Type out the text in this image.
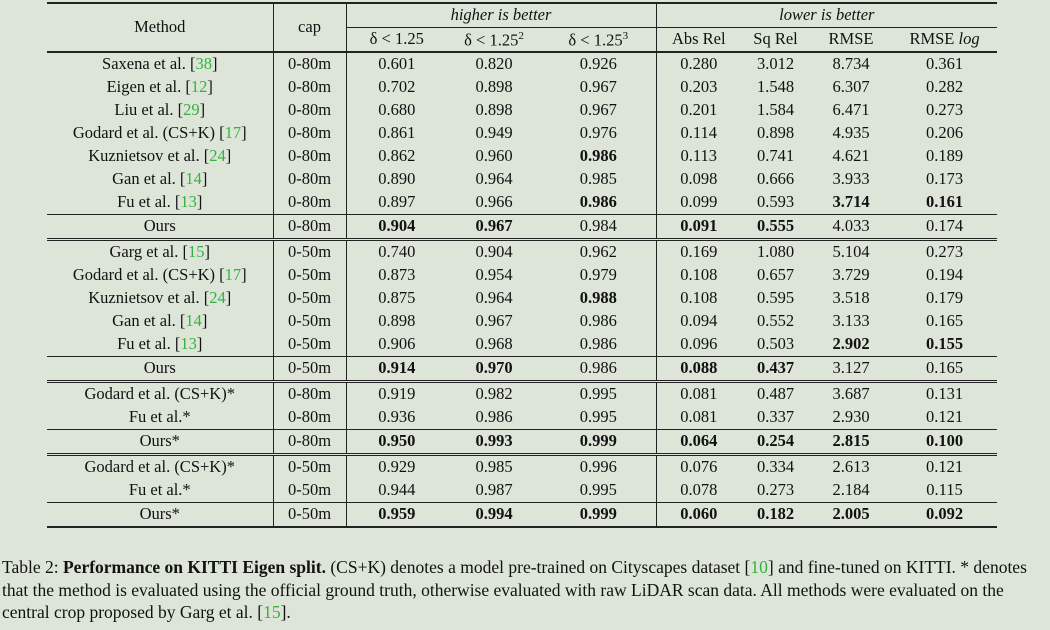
Method	cap	higher is better			lower is better			
		δ < 1.25	$\delta < 1.25^2$	$\delta < 1.25^3$	Abs Rel	Sq Rel	RMSE	RMSE log
Saxena et al. [38]	0-80m	0.601	0.820	0.926	0.280	3.012	8.734	0.361
Eigen et al. [12]	0-80m	0.702	0.898	0.967	0.203	1.548	6.307	0.282
Liu et al. [29]	0-80m	0.680	0.898	0.967	0.201	1.584	6.471	0.273
Godard et al. (CS+K) [17]	0-80m	0.861	0.949	0.976	0.114	0.898	4.935	0.206
Kuznietsov et al. [24]	0-80m	0.862	0.960	0.986	0.113	0.741	4.621	0.189
Gan et al. [14]	0-80m	0.890	0.964	0.985	0.098	0.666	3.933	0.173
Fu et al. [13]	0-80m	0.897	0.966	0.986	0.099	0.593	3.714	0.161
Ours	0-80m	0.904	0.967	0.984	0.091	0.555	4.033	0.174
Garg et al. [15]	0-50m	0.740	0.904	0.962	0.169	1.080	5.104	0.273
Godard et al. (CS+K) [17]	0-50m	0.873	0.954	0.979	0.108	0.657	3.729	0.194
Kuznietsov et al. [24]	0-50m	0.875	0.964	0.988	0.108	0.595	3.518	0.179
Gan et al. [14]	0-50m	0.898	0.967	0.986	0.094	0.552	3.133	0.165
Fu et al. [13]	0-50m	0.906	0.968	0.986	0.096	0.503	2.902	0.155
Ours	0-50m	0.914	0.970	0.986	0.088	0.437	3.127	0.165
Godard et al. (CS+K)*	0-80m	0.919	0.982	0.995	0.081	0.487	3.687	0.131
Fu et al.*	0-80m	0.936	0.986	0.995	0.081	0.337	2.930	0.121
Ours*	0-80m	0.950	0.993	0.999	0.064	0.254	2.815	0.100
Godard et al. (CS+K)*	0-50m	0.929	0.985	0.996	0.076	0.334	2.613	0.121
Fu et al.*	0-50m	0.944	0.987	0.995	0.078	0.273	2.184	0.115
Ours*	0-50m	0.959	0.994	0.999	0.060	0.182	2.005	0.092
Table 2: Performance on KITTI Eigen split. (CS+K) denotes a model pre-trained on Cityscapes dataset [10] and fine-tuned on KITTI. * denotes that the method is evaluated using the official ground truth, otherwise evaluated with raw LiDAR scan data. All methods were evaluated on the central crop proposed by Garg et al. [15].
